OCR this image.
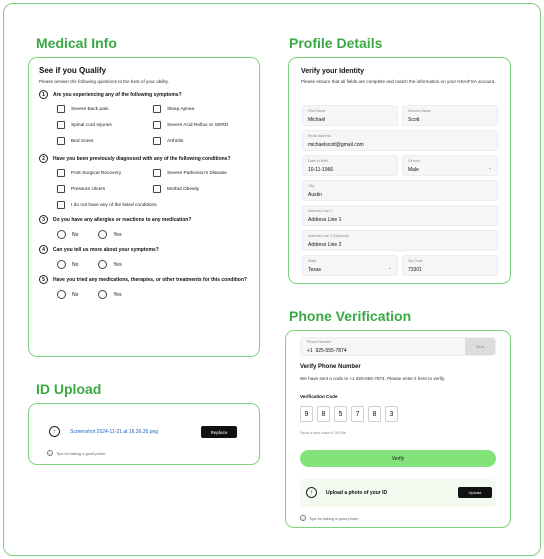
Medical Info
See if you Qualify
Please answer the following questions to the best of your ability.
1	Are you experiencing any of the following symptoms?
Severe Back pain	Sleep Apnea
Spinal cord Injuries	Severe Acid Reflux or GERD
Bed Sores	Arthritis
2	Have you been previously diagnosed with any of the following conditions?
Post-Surgical Recovery	Severe Parkinson's Disease
Pressure Ulcers	Morbid Obesity
I do not have any of the listed conditions
3	Do you have any allergies or reactions to any medication?
No	Yes
4	Can you tell us more about your symptoms?
No	Yes
5	Have you tried any medications, therapies, or other treatments for this condition?
No	Yes
ID Upload
↑	Screenshot 2024-11-21 at 16.36.35.png	Replace
i	Tips for taking a good photo
Profile Details
Verify your Identity
Please ensure that all fields are complete and match the information on your HSA/FSA account.
First Name
Michael
Second Name
Scott
Email Address
michaelscott@gmail.com
Date of Birth
10-11-1966
Gender
Male	⌄
City
Austin
Address Line 1
Address Line 1
Address Line 2 (Optional)
Address Line 2
State
Texas	⌄
Zip Code
73301
Phone Verification
Phone Number
+1 925-555-7874
Sent
Verify Phone Number
We have sent a code to +1 925-555-7874. Please enter it here to verify.
Verification Code
9	8	5	7	8	3
Send a new code in 00:05s
Verify
↑	Upload a photo of your ID	Upload
i	Tips for taking a good photo
